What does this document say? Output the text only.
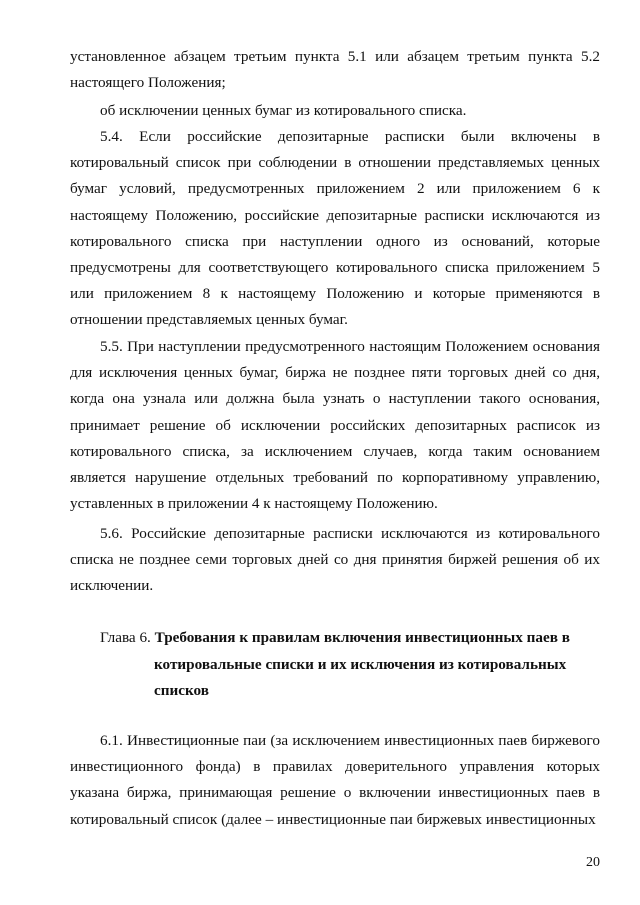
установленное абзацем третьим пункта 5.1 или абзацем третьим пункта 5.2
настоящего Положения;
об исключении ценных бумаг из котировального списка.
5.4. Если российские депозитарные расписки были включены в котировальный список при соблюдении в отношении представляемых ценных бумаг условий, предусмотренных приложением 2 или приложением 6 к настоящему Положению, российские депозитарные расписки исключаются из котировального списка при наступлении одного из оснований, которые предусмотрены для соответствующего котировального списка приложением 5 или приложением 8 к настоящему Положению и которые применяются в отношении представляемых ценных бумаг.
5.5. При наступлении предусмотренного настоящим Положением основания для исключения ценных бумаг, биржа не позднее пяти торговых дней со дня, когда она узнала или должна была узнать о наступлении такого основания, принимает решение об исключении российских депозитарных расписок из котировального списка, за исключением случаев, когда таким основанием является нарушение отдельных требований по корпоративному управлению, уставленных в приложении 4 к настоящему Положению.
5.6. Российские депозитарные расписки исключаются из котировального списка не позднее семи торговых дней со дня принятия биржей решения об их исключении.
Глава 6. Требования к правилам включения инвестиционных паев в
котировальные списки и их исключения из котировальных
списков
6.1. Инвестиционные паи (за исключением инвестиционных паев биржевого инвестиционного фонда) в правилах доверительного управления которых указана биржа, принимающая решение о включении инвестиционных паев в котировальный список (далее – инвестиционные паи биржевых инвестиционных
20
